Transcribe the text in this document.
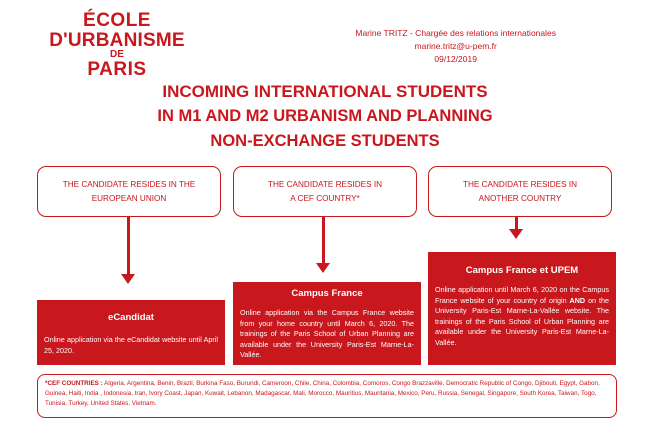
ÉCOLE
D'URBANISME
DE
PARIS
Marine TRITZ - Chargée des relations internationales
marine.tritz@u-pem.fr
09/12/2019
INCOMING INTERNATIONAL STUDENTS
IN M1 AND M2 URBANISM AND PLANNING
NON-EXCHANGE STUDENTS
THE CANDIDATE RESIDES IN THE
EUROPEAN UNION
THE CANDIDATE RESIDES IN
A CEF COUNTRY*
THE CANDIDATE RESIDES IN
ANOTHER COUNTRY
eCandidat

Online application via the eCandidat website until April 25, 2020.

Campus France

Online application via the Campus France website from your home country until March 6, 2020. The trainings of the Paris School of Urban Planning are available under the University Paris-Est Marne-La-Vallée.

Campus France et UPEM

Online application until March 6, 2020 on the Campus France website of your country of origin AND on the University Paris-Est Marne-La-Vallée website. The trainings of the Paris School of Urban Planning are available under the University Paris-Est Marne-La-Vallée.

*CEF COUNTRIES : Algeria, Argentina, Benin, Brazil, Burkina Faso, Burundi, Cameroon, Chile, China, Colombia, Comoros, Congo Brazzaville, Democratic Republic of Congo, Djibouti, Egypt, Gabon, Guinea, Haiti, India , Indonesia, Iran, Ivory Coast, Japan, Kuwait, Lebanon, Madagascar, Mali, Morocco, Mauritius, Mauritania, Mexico, Peru, Russia, Senegal, Singapore, South Korea, Taiwan, Togo, Tunisia, Turkey, United States, Vietnam.
